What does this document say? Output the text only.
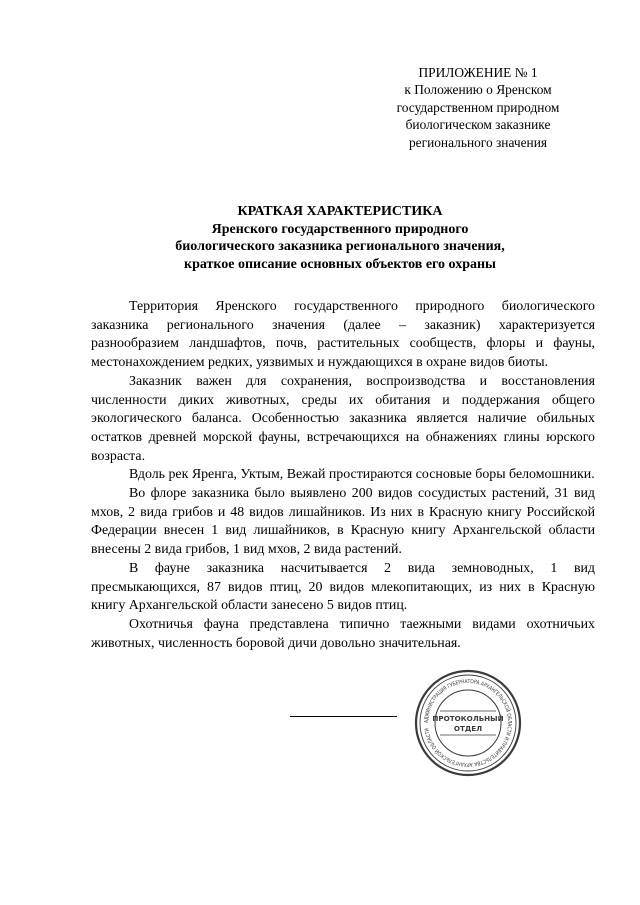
ПРИЛОЖЕНИЕ № 1
к Положению о Яренском
государственном природном
биологическом заказнике
регионального значения
КРАТКАЯ ХАРАКТЕРИСТИКА
Яренского государственного природного
биологического заказника регионального значения,
краткое описание основных объектов его охраны

Территория Яренского государственного природного биологического заказника регионального значения (далее – заказник) характеризуется разнообразием ландшафтов, почв, растительных сообществ, флоры и фауны, местонахождением редких, уязвимых и нуждающихся в охране видов биоты.

Заказник важен для сохранения, воспроизводства и восстановления численности диких животных, среды их обитания и поддержания общего экологического баланса. Особенностью заказника является наличие обильных остатков древней морской фауны, встречающихся на обнажениях глины юрского возраста.

Вдоль рек Яренга, Уктым, Вежай простираются сосновые боры беломошники.

Во флоре заказника было выявлено 200 видов сосудистых растений, 31 вид мхов, 2 вида грибов и 48 видов лишайников. Из них в Красную книгу Российской Федерации внесен 1 вид лишайников, в Красную книгу Архангельской области внесены 2 вида грибов, 1 вид мхов, 2 вида растений.

В фауне заказника насчитывается 2 вида земноводных, 1 вид пресмыкающихся, 87 видов птиц, 20 видов млекопитающих, из них в Красную книгу Архангельской области занесено 5 видов птиц.

Охотничья фауна представлена типично таежными видами охотничьих животных, численность боровой дичи довольно значительная.

АДМИНИСТРАЦИЯ ГУБЕРНАТОРА АРХАНГЕЛЬСКОЙ ОБЛАСТИ И ПРАВИТЕЛЬСТВА АРХАНГЕЛЬСКОЙ ОБЛАСТИ
ПРОТОКОЛЬНЫЙ
ОТДЕЛ
